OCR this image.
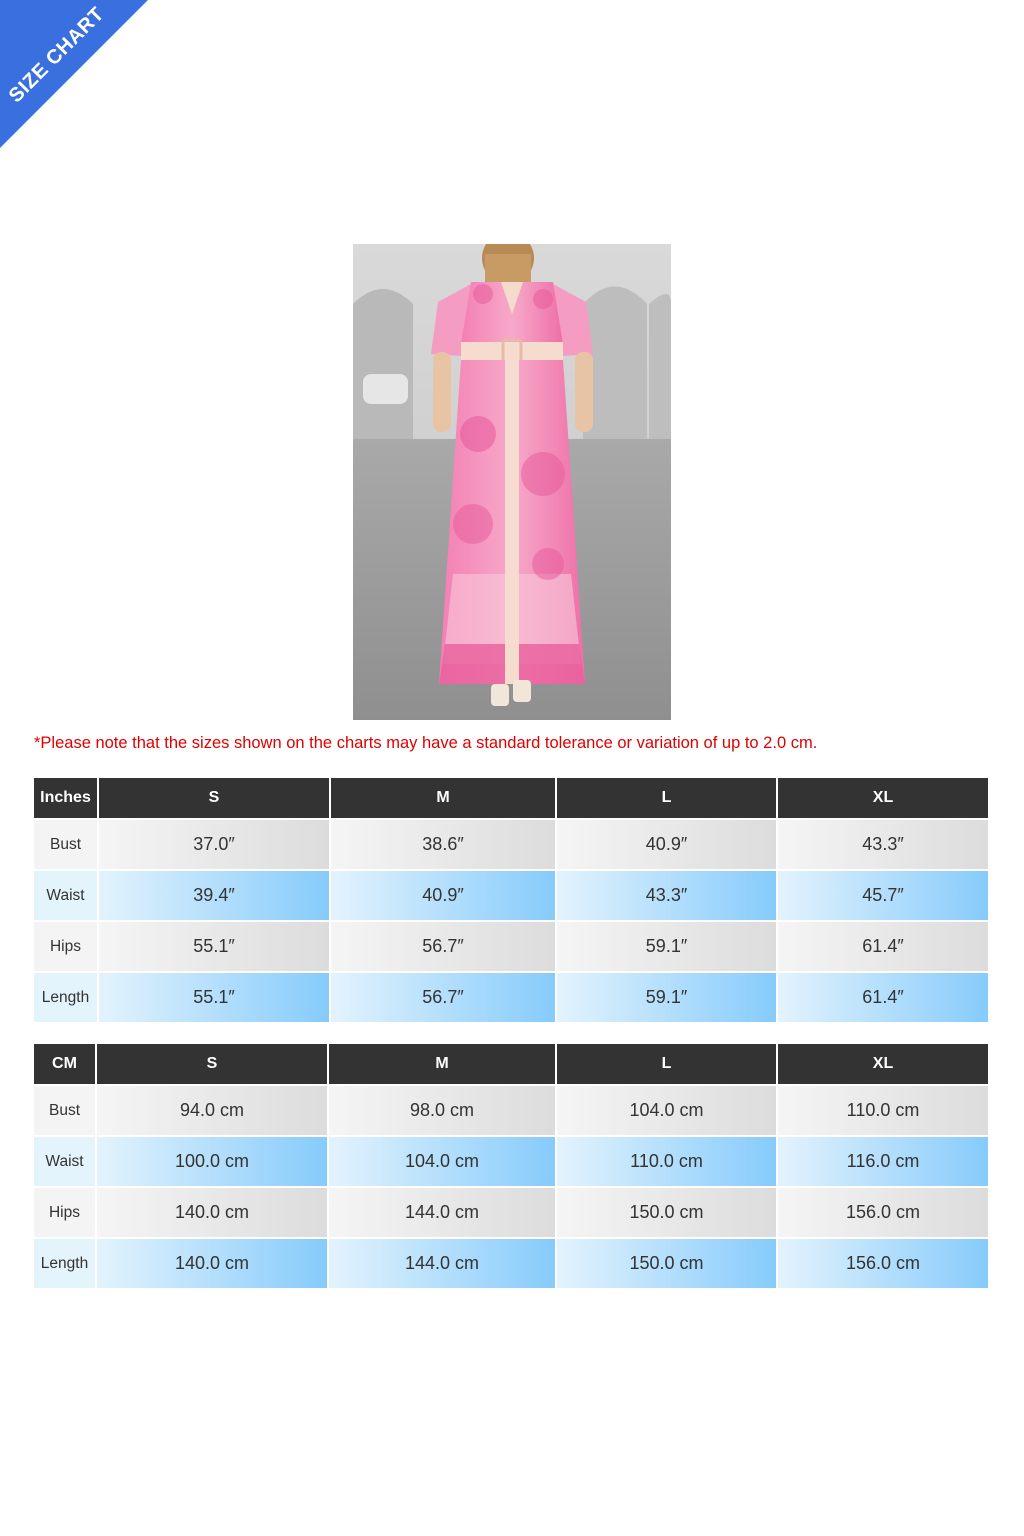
SIZE CHART
*Please note that the sizes shown on the charts may have a standard tolerance or variation of up to 2.0 cm.
Inches	S	M	L	XL
Bust	37.0″	38.6″	40.9″	43.3″
Waist	39.4″	40.9″	43.3″	45.7″
Hips	55.1″	56.7″	59.1″	61.4″
Length	55.1″	56.7″	59.1″	61.4″
CM	S	M	L	XL
Bust	94.0 cm	98.0 cm	104.0 cm	110.0 cm
Waist	100.0 cm	104.0 cm	110.0 cm	116.0 cm
Hips	140.0 cm	144.0 cm	150.0 cm	156.0 cm
Length	140.0 cm	144.0 cm	150.0 cm	156.0 cm
